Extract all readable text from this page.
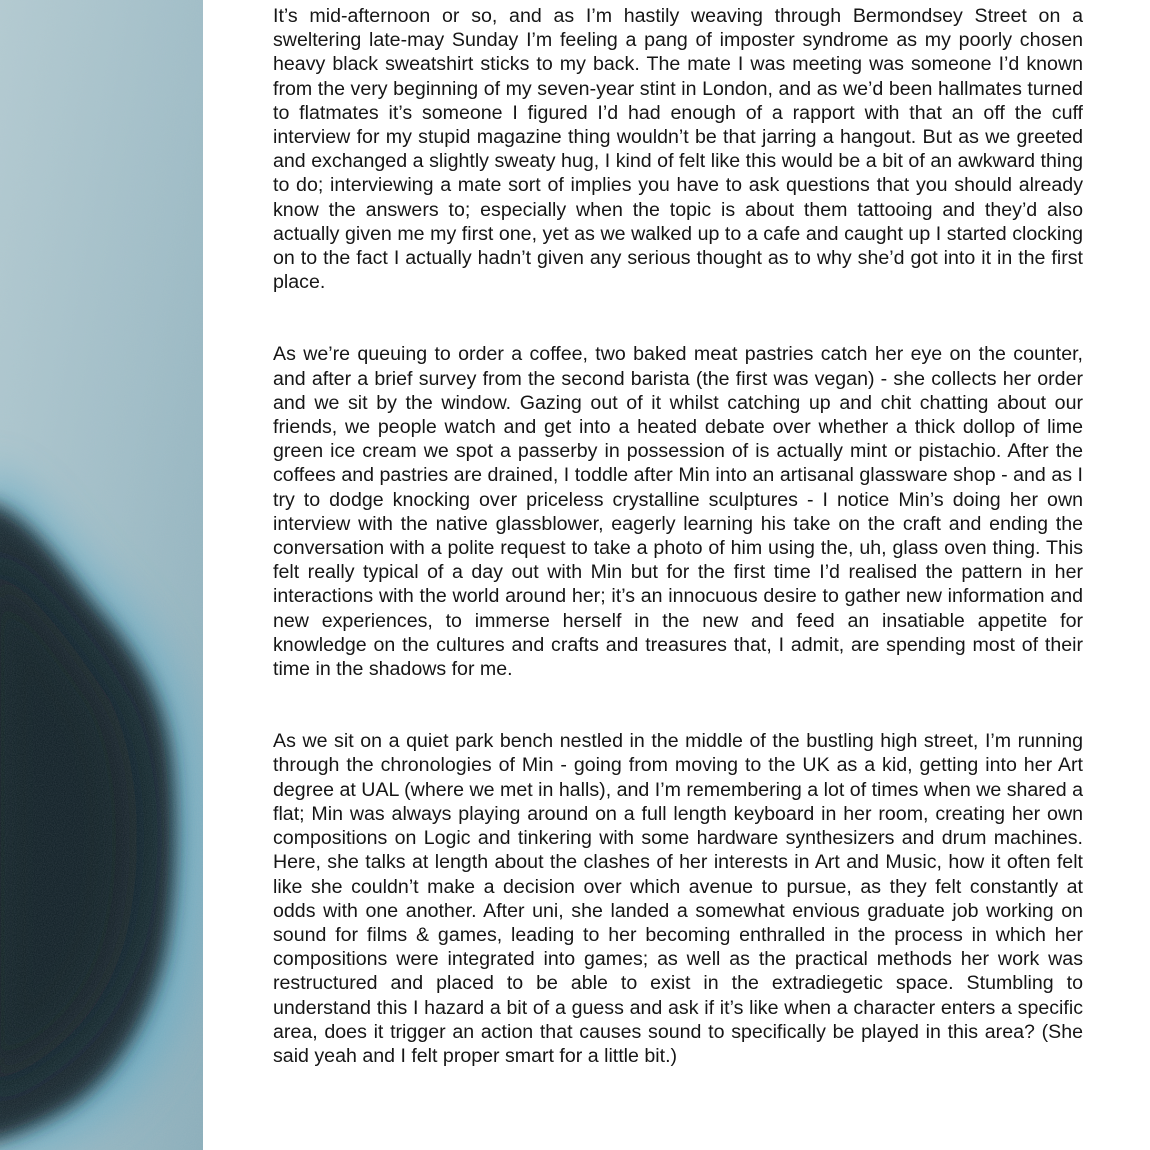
It’s mid-afternoon or so, and as I’m hastily weaving through Bermondsey Street on a sweltering late-may Sunday I’m feeling a pang of imposter syndrome as my poorly chosen heavy black sweatshirt sticks to my back. The mate I was meeting was someone I’d known from the very beginning of my seven-year stint in London, and as we’d been hallmates turned to flatmates it’s someone I figured I’d had enough of a rapport with that an off the cuff interview for my stupid magazine thing wouldn’t be that jarring a hangout. But as we greeted and exchanged a slightly sweaty hug, I kind of felt like this would be a bit of an awkward thing to do; interviewing a mate sort of implies you have to ask questions that you should already know the answers to; especially when the topic is about them tattooing and they’d also actually given me my first one, yet as we walked up to a cafe and caught up I started clocking on to the fact I actually hadn’t given any serious thought as to why she’d got into it in the first place.

As we’re queuing to order a coffee, two baked meat pastries catch her eye on the counter, and after a brief survey from the second barista (the first was vegan) - she collects her order and we sit by the window. Gazing out of it whilst catching up and chit chatting about our friends, we people watch and get into a heated debate over whether a thick dollop of lime green ice cream we spot a passerby in possession of is actually mint or pistachio. After the coffees and pastries are drained, I toddle after Min into an artisanal glassware shop - and as I try to dodge knocking over priceless crystalline sculptures - I notice Min’s doing her own interview with the native glassblower, eagerly learning his take on the craft and ending the conversation with a polite request to take a photo of him using the, uh, glass oven thing. This felt really typical of a day out with Min but for the first time I’d realised the pattern in her interactions with the world around her; it’s an innocuous desire to gather new information and new experiences, to immerse herself in the new and feed an insatiable appetite for knowledge on the cultures and crafts and treasures that, I admit, are spending most of their time in the shadows for me.

As we sit on a quiet park bench nestled in the middle of the bustling high street, I’m running through the chronologies of Min - going from moving to the UK as a kid, getting into her Art degree at UAL (where we met in halls), and I’m remembering a lot of times when we shared a flat; Min was always playing around on a full length keyboard in her room, creating her own compositions on Logic and tinkering with some hardware synthesizers and drum machines. Here, she talks at length about the clashes of her interests in Art and Music, how it often felt like she couldn’t make a decision over which avenue to pursue, as they felt constantly at odds with one another. After uni, she landed a somewhat envious graduate job working on sound for films & games, leading to her becoming enthralled in the process in which her compositions were integrated into games; as well as the practical methods her work was restructured and placed to be able to exist in the extradiegetic space. Stumbling to understand this I hazard a bit of a guess and ask if it’s like when a character enters a specific area, does it trigger an action that causes sound to specifically be played in this area? (She said yeah and I felt proper smart for a little bit.)
